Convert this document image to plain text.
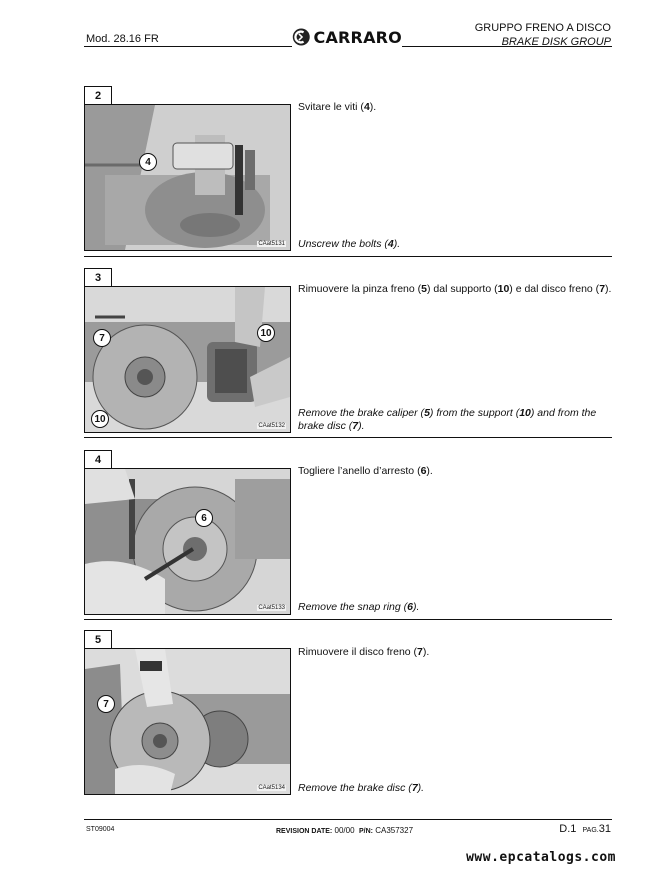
Mod. 28.16 FR	CARRARO	GRUPPO FRENO A DISCO
BRAKE DISK GROUP
2
4
CAat5131
Svitare le viti (4).
Unscrew the bolts (4).
3
7	10
10
CAat5132
Rimuovere la pinza freno (5) dal supporto (10) e dal disco freno (7).
Remove the brake caliper (5) from the support (10) and from the brake disc (7).
4
6
CAat5133
Togliere l’anello d’arresto (6).
Remove the snap ring (6).
5
7
CAat5134
Rimuovere il disco freno (7).
Remove the brake disc (7).
ST09004	REVISION DATE: 00/00 P/N: CA357327	D.1 PAG.31
www.epcatalogs.com
